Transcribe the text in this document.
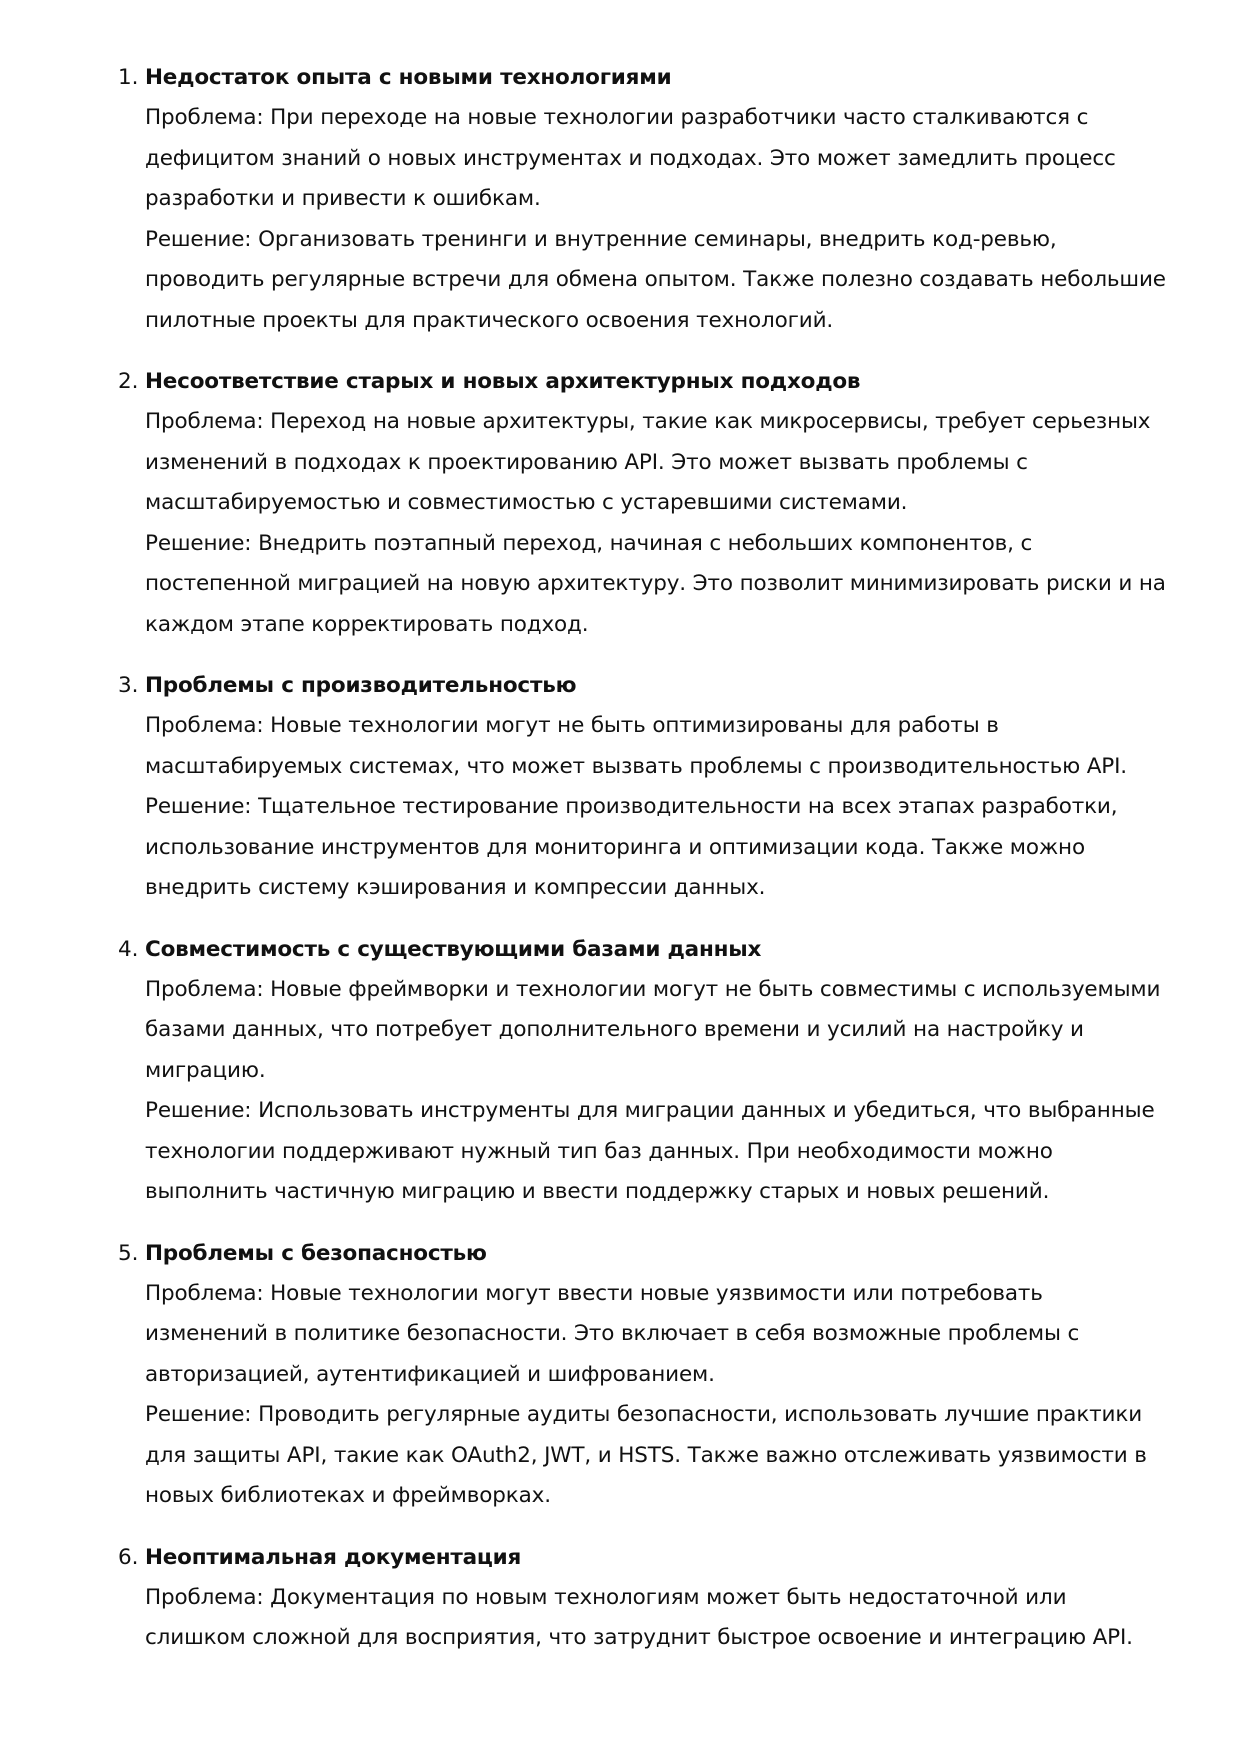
1. Недостаток опыта с новыми технологиями

Проблема: При переходе на новые технологии разработчики часто сталкиваются с дефицитом знаний о новых инструментах и подходах. Это может замедлить процесс разработки и привести к ошибкам.

Решение: Организовать тренинги и внутренние семинары, внедрить код-ревью, проводить регулярные встречи для обмена опытом. Также полезно создавать небольшие пилотные проекты для практического освоения технологий.

2. Несоответствие старых и новых архитектурных подходов

Проблема: Переход на новые архитектуры, такие как микросервисы, требует серьезных изменений в подходах к проектированию API. Это может вызвать проблемы с масштабируемостью и совместимостью с устаревшими системами.

Решение: Внедрить поэтапный переход, начиная с небольших компонентов, с постепенной миграцией на новую архитектуру. Это позволит минимизировать риски и на каждом этапе корректировать подход.

3. Проблемы с производительностью

Проблема: Новые технологии могут не быть оптимизированы для работы в масштабируемых системах, что может вызвать проблемы с производительностью API.

Решение: Тщательное тестирование производительности на всех этапах разработки, использование инструментов для мониторинга и оптимизации кода. Также можно внедрить систему кэширования и компрессии данных.

4. Совместимость с существующими базами данных

Проблема: Новые фреймворки и технологии могут не быть совместимы с используемыми базами данных, что потребует дополнительного времени и усилий на настройку и миграцию.

Решение: Использовать инструменты для миграции данных и убедиться, что выбранные технологии поддерживают нужный тип баз данных. При необходимости можно выполнить частичную миграцию и ввести поддержку старых и новых решений.

5. Проблемы с безопасностью

Проблема: Новые технологии могут ввести новые уязвимости или потребовать изменений в политике безопасности. Это включает в себя возможные проблемы с авторизацией, аутентификацией и шифрованием.

Решение: Проводить регулярные аудиты безопасности, использовать лучшие практики для защиты API, такие как OAuth2, JWT, и HSTS. Также важно отслеживать уязвимости в новых библиотеках и фреймворках.

6. Неоптимальная документация

Проблема: Документация по новым технологиям может быть недостаточной или слишком сложной для восприятия, что затруднит быстрое освоение и интеграцию API.
